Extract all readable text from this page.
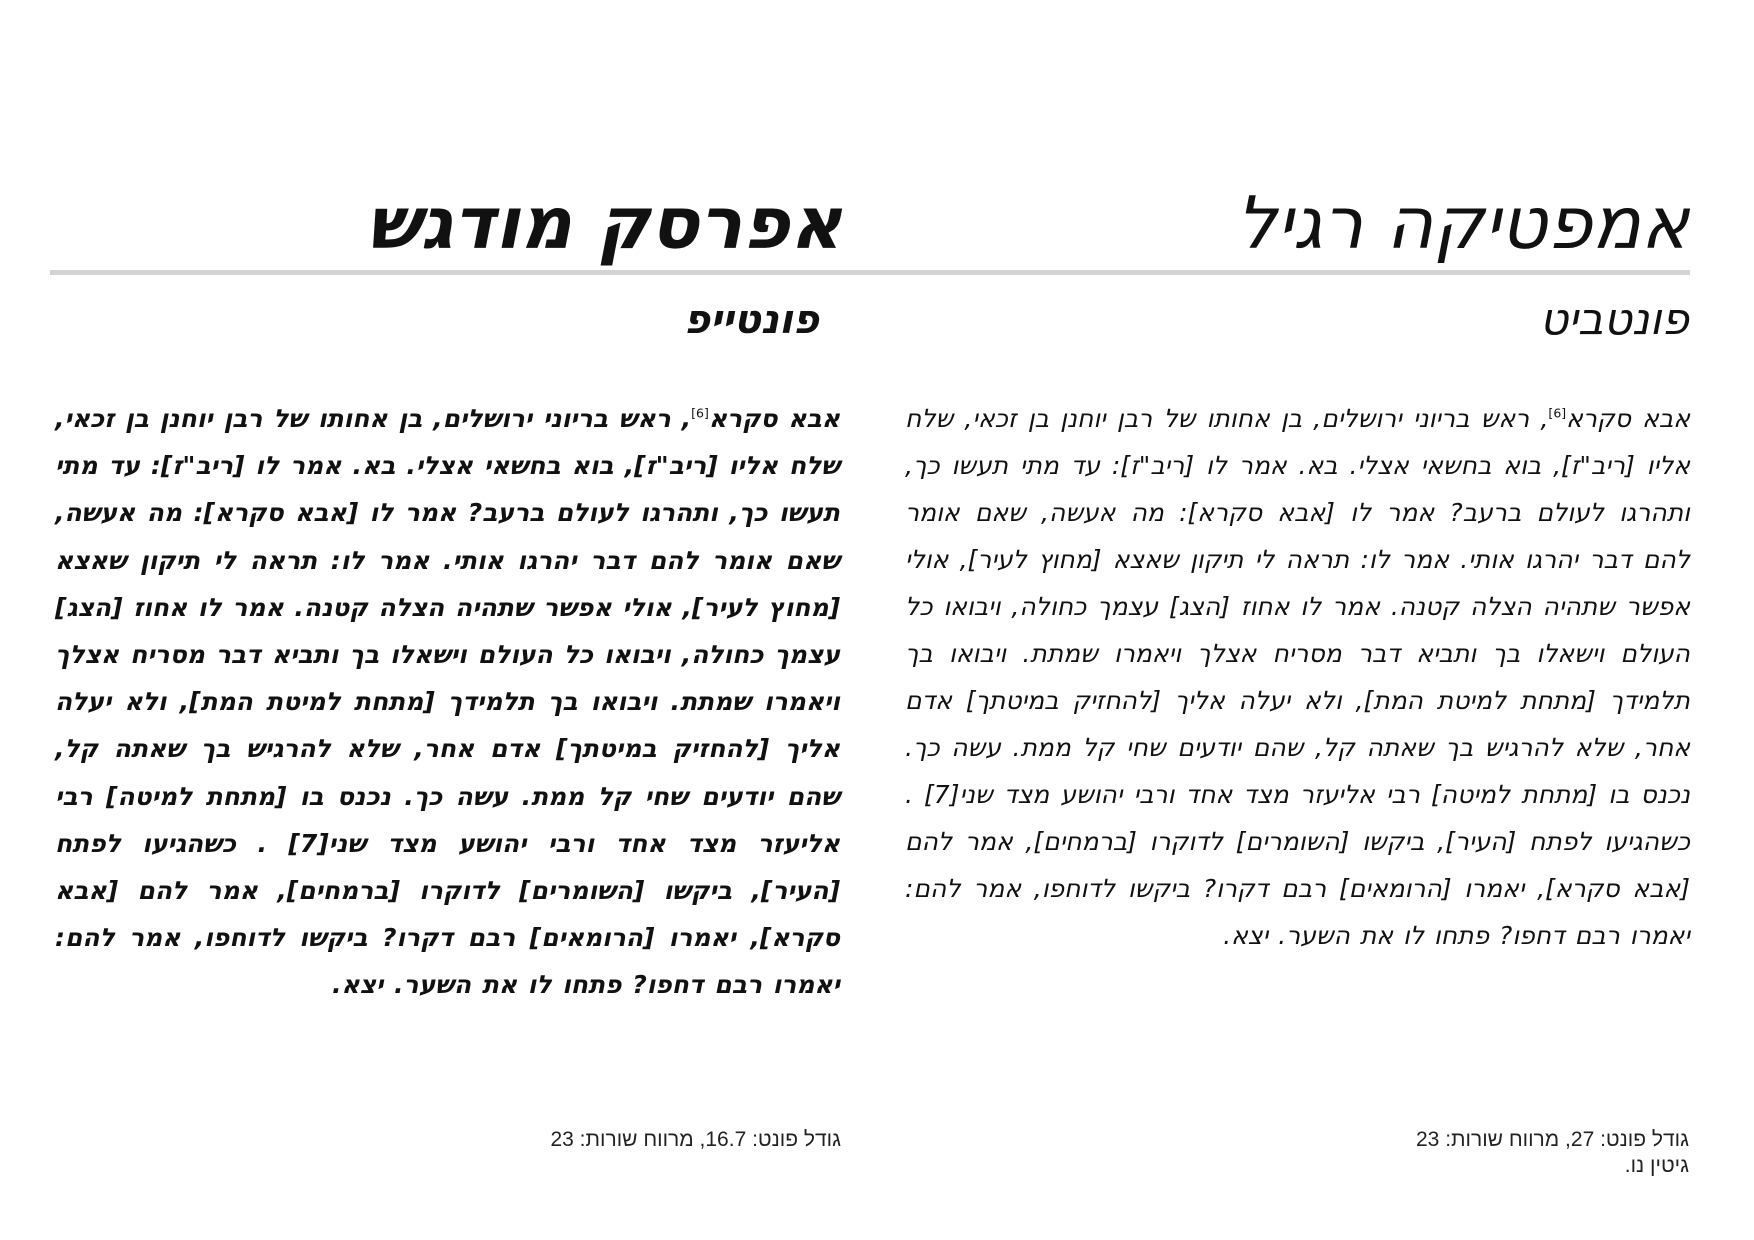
אמפטיקה רגיל
פונטביט
אפרסק מודגש
פונטייפ

אבא סקרא[6], ראש בריוני ירושלים, בן אחותו של רבן יוחנן בן זכאי, שלח אליו [ריב"ז], בוא בחשאי אצלי. בא. אמר לו [ריב"ז]: עד מתי תעשו כך, ותהרגו לעולם ברעב? אמר לו [אבא סקרא]: מה אעשה, שאם אומר להם דבר יהרגו אותי. אמר לו: תראה לי תיקון שאצא [מחוץ לעיר], אולי אפשר שתהיה הצלה קטנה. אמר לו אחוז [הצג] עצמך כחולה, ויבואו כל העולם וישאלו בך ותביא דבר מסריח אצלך ויאמרו שמתת. ויבואו בך תלמידך [מתחת למיטת המת], ולא יעלה אליך [להחזיק במיטתך] אדם אחר, שלא להרגיש בך שאתה קל, שהם יודעים שחי קל ממת. עשה כך. נכנס בו [מתחת למיטה] רבי אליעזר מצד אחד ורבי יהושע מצד שני[7] . כשהגיעו לפתח [העיר], ביקשו [השומרים] לדוקרו [ברמחים], אמר להם [אבא סקרא], יאמרו [הרומאים] רבם דקרו? ביקשו לדוחפו, אמר להם: יאמרו רבם דחפו? פתחו לו את השער. יצא.

אבא סקרא[6], ראש בריוני ירושלים, בן אחותו של רבן יוחנן בן זכאי, שלח אליו [ריב"ז], בוא בחשאי אצלי. בא. אמר לו [ריב"ז]: עד מתי תעשו כך, ותהרגו לעולם ברעב? אמר לו [אבא סקרא]: מה אעשה, שאם אומר להם דבר יהרגו אותי. אמר לו: תראה לי תיקון שאצא [מחוץ לעיר], אולי אפשר שתהיה הצלה קטנה. אמר לו אחוז [הצג] עצמך כחולה, ויבואו כל העולם וישאלו בך ותביא דבר מסריח אצלך ויאמרו שמתת. ויבואו בך תלמידך [מתחת למיטת המת], ולא יעלה אליך [להחזיק במיטתך] אדם אחר, שלא להרגיש בך שאתה קל, שהם יודעים שחי קל ממת. עשה כך. נכנס בו [מתחת למיטה] רבי אליעזר מצד אחד ורבי יהושע מצד שני[7] . כשהגיעו לפתח [העיר], ביקשו [השומרים] לדוקרו [ברמחים], אמר להם [אבא סקרא], יאמרו [הרומאים] רבם דקרו? ביקשו לדוחפו, אמר להם: יאמרו רבם דחפו? פתחו לו את השער. יצא.

גודל פונט: 27, מרווח שורות: 23

גיטין נו.

גודל פונט: 16.7, מרווח שורות: 23
